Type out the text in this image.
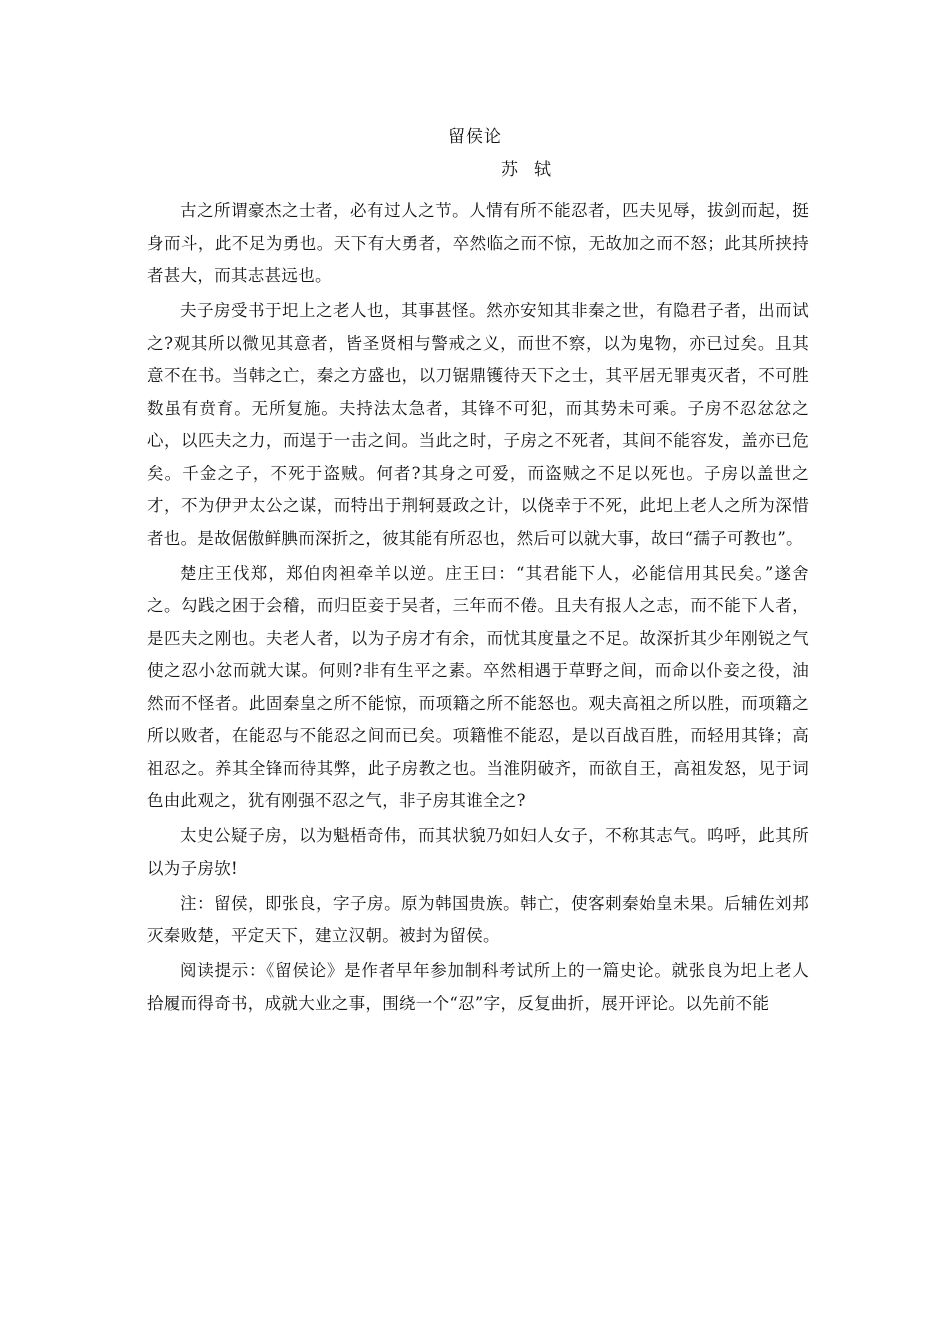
留侯论
苏 轼

古之所谓豪杰之士者，必有过人之节。人情有所不能忍者，匹夫见辱，拔剑而起，挺身而斗，此不足为勇也。天下有大勇者，卒然临之而不惊，无故加之而不怒；此其所挟持者甚大，而其志甚远也。

夫子房受书于圯上之老人也，其事甚怪。然亦安知其非秦之世，有隐君子者，出而试之?观其所以微见其意者，皆圣贤相与警戒之义，而世不察，以为鬼物，亦已过矣。且其意不在书。当韩之亡，秦之方盛也，以刀锯鼎镬待天下之士，其平居无罪夷灭者，不可胜数虽有贲育。无所复施。夫持法太急者，其锋不可犯，而其势未可乘。子房不忍忿忿之心，以匹夫之力，而逞于一击之间。当此之时，子房之不死者，其间不能容发，盖亦已危矣。千金之子，不死于盗贼。何者?其身之可爱，而盗贼之不足以死也。子房以盖世之才，不为伊尹太公之谋，而特出于荆轲聂政之计，以侥幸于不死，此圯上老人之所为深惜者也。是故倨傲鲜腆而深折之，彼其能有所忍也，然后可以就大事，故曰“孺子可教也”。

楚庄王伐郑，郑伯肉袒牵羊以逆。庄王曰：“其君能下人，必能信用其民矣。”遂舍之。勾践之困于会稽，而归臣妾于吴者，三年而不倦。且夫有报人之志，而不能下人者，是匹夫之刚也。夫老人者，以为子房才有余，而忧其度量之不足。故深折其少年刚锐之气使之忍小忿而就大谋。何则?非有生平之素。卒然相遇于草野之间，而命以仆妾之役，油然而不怪者。此固秦皇之所不能惊，而项籍之所不能怒也。观夫高祖之所以胜，而项籍之所以败者，在能忍与不能忍之间而已矣。项籍惟不能忍，是以百战百胜，而轻用其锋；高祖忍之。养其全锋而待其弊，此子房教之也。当淮阴破齐，而欲自王，高祖发怒，见于词色由此观之，犹有刚强不忍之气，非子房其谁全之?

太史公疑子房，以为魁梧奇伟，而其状貌乃如妇人女子，不称其志气。呜呼，此其所以为子房欤!

注：留侯，即张良，字子房。原为韩国贵族。韩亡，使客刺秦始皇未果。后辅佐刘邦灭秦败楚，平定天下，建立汉朝。被封为留侯。

阅读提示：《留侯论》是作者早年参加制科考试所上的一篇史论。就张良为圯上老人拾履而得奇书，成就大业之事，围绕一个“忍”字，反复曲折，展开评论。以先前不能
